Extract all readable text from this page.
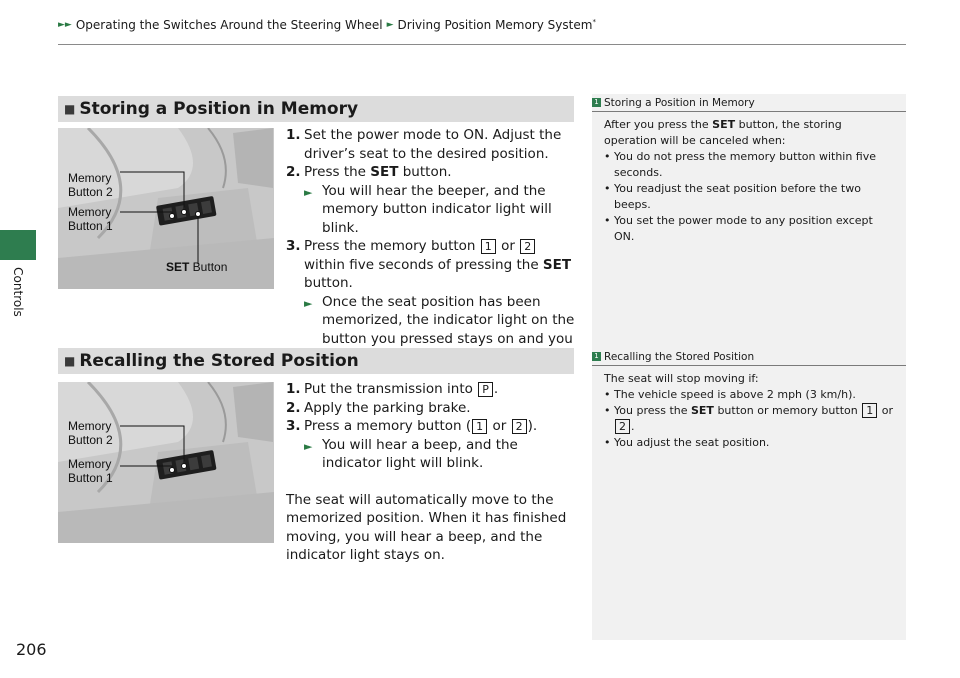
►► Operating the Switches Around the Steering Wheel ► Driving Position Memory System*
Controls
■ Storing a Position in Memory
Memory
Button 2
Memory
Button 1
SET Button
1. Set the power mode to ON. Adjust the driver’s seat to the desired position.
2. Press the SET button.
► You will hear the beeper, and the memory button indicator light will blink.
3. Press the memory button 1 or 2 within five seconds of pressing the SET button.
► Once the seat position has been memorized, the indicator light on the button you pressed stays on and you
1 Storing a Position in Memory
After you press the SET button, the storing operation will be canceled when:
• You do not press the memory button within five seconds.
• You readjust the seat position before the two beeps.
• You set the power mode to any position except ON.
■ Recalling the Stored Position
Memory
Button 2
Memory
Button 1
1. Put the transmission into P .
2. Apply the parking brake.
3. Press a memory button ( 1 or 2 ).
► You will hear a beep, and the indicator light will blink.
The seat will automatically move to the memorized position. When it has finished moving, you will hear a beep, and the indicator light stays on.
1 Recalling the Stored Position
The seat will stop moving if:
• The vehicle speed is above 2 mph (3 km/h).
• You press the SET button or memory button 1 or 2 .
• You adjust the seat position.
206
